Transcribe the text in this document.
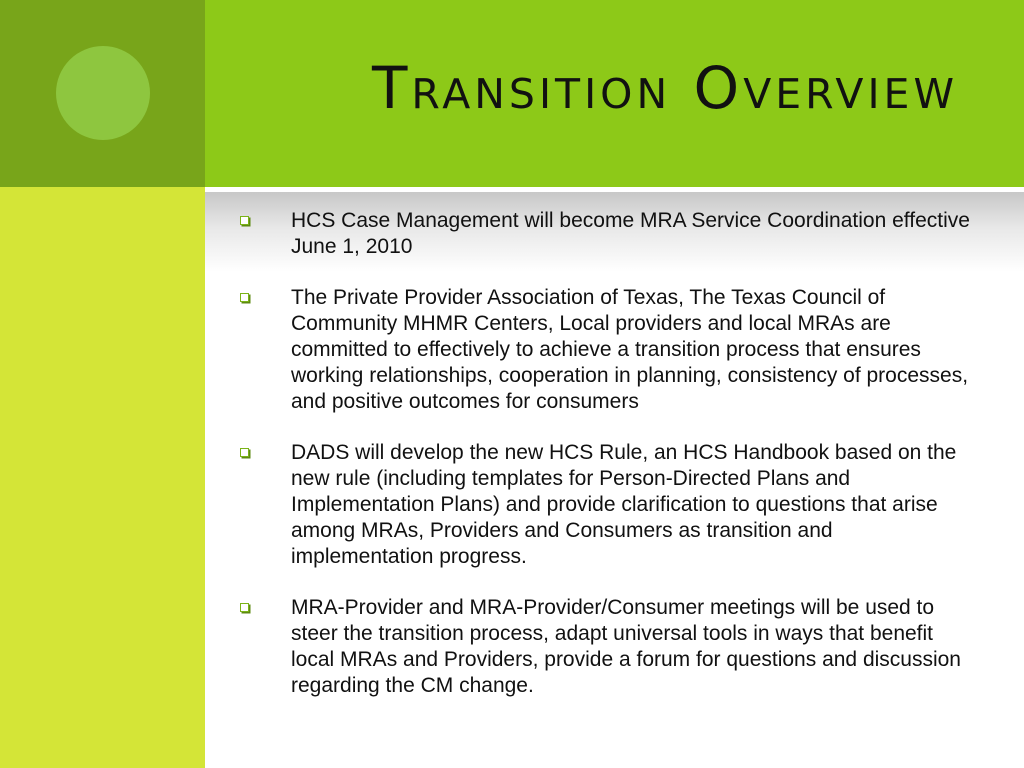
Transition Overview
HCS Case Management will become MRA Service Coordination effective June 1, 2010
The Private Provider Association of Texas, The Texas Council of Community MHMR Centers, Local providers and local MRAs are committed to effectively to achieve a transition process that ensures working relationships, cooperation in planning, consistency of processes, and positive outcomes for consumers
DADS will develop the new HCS Rule, an HCS Handbook based on the new rule (including templates for Person-Directed Plans and Implementation Plans) and provide clarification to questions that arise among MRAs, Providers and Consumers as transition and implementation progress.
MRA-Provider and MRA-Provider/Consumer meetings will be used to steer the transition process, adapt universal tools in ways that benefit local MRAs and Providers, provide a forum for questions and discussion regarding the CM change.
